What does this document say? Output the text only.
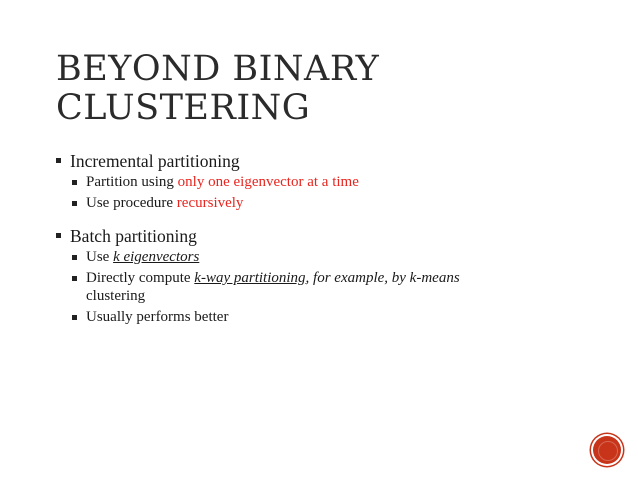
BEYOND BINARY
CLUSTERING
Incremental partitioning
Partition using only one eigenvector at a time
Use procedure recursively
Batch partitioning
Use k eigenvectors
Directly compute k-way partitioning, for example, by k-means
clustering
Usually performs better
